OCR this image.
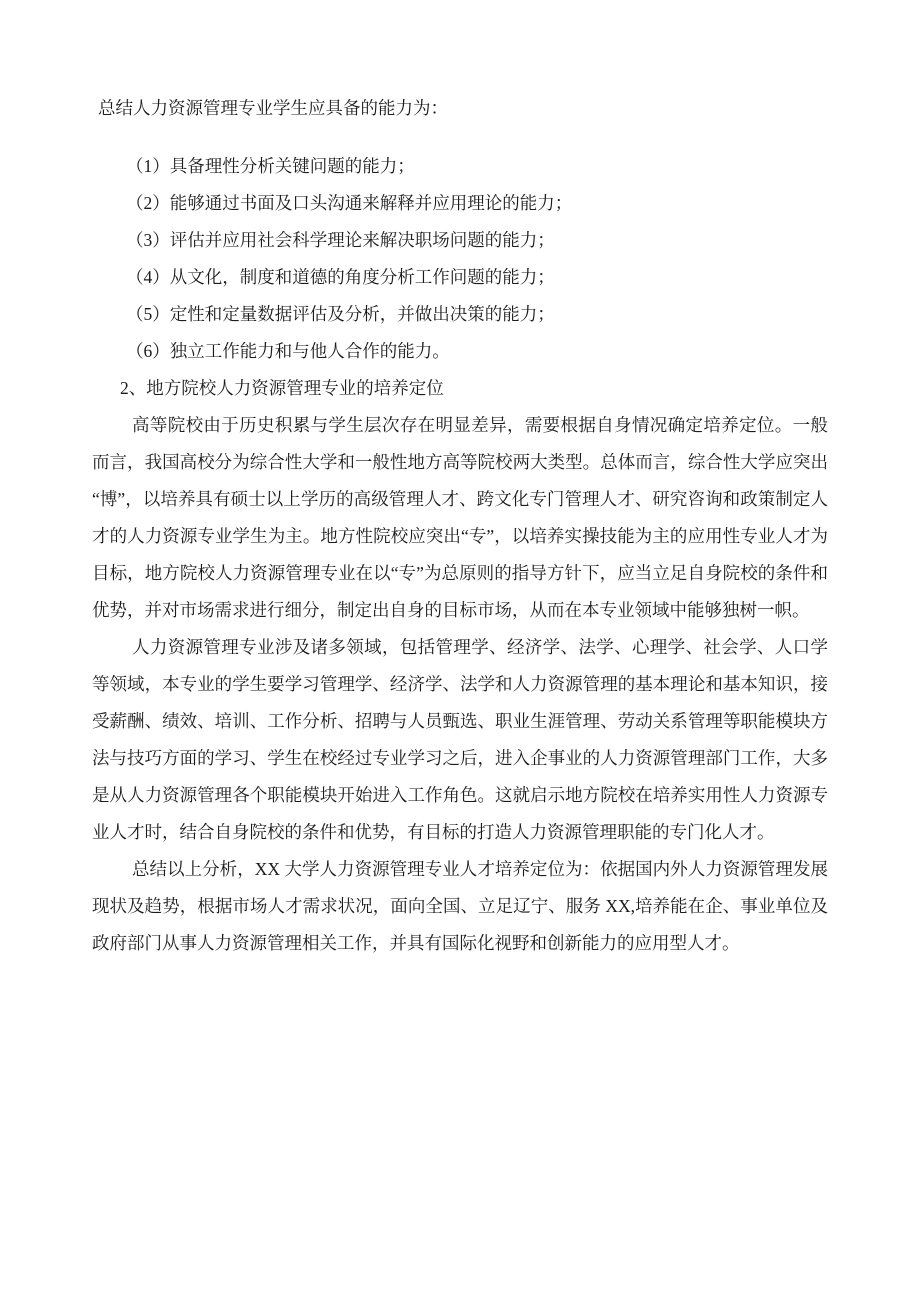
总结人力资源管理专业学生应具备的能力为：

（1）具备理性分析关键问题的能力；

（2）能够通过书面及口头沟通来解释并应用理论的能力；

（3）评估并应用社会科学理论来解决职场问题的能力；

（4）从文化，制度和道德的角度分析工作问题的能力；

（5）定性和定量数据评估及分析，并做出决策的能力；

（6）独立工作能力和与他人合作的能力。

2、地方院校人力资源管理专业的培养定位

高等院校由于历史积累与学生层次存在明显差异，需要根据自身情况确定培养定位。一般而言，我国高校分为综合性大学和一般性地方高等院校两大类型。总体而言，综合性大学应突出“博”，以培养具有硕士以上学历的高级管理人才、跨文化专门管理人才、研究咨询和政策制定人才的人力资源专业学生为主。地方性院校应突出“专”，以培养实操技能为主的应用性专业人才为目标，地方院校人力资源管理专业在以“专”为总原则的指导方针下，应当立足自身院校的条件和优势，并对市场需求进行细分，制定出自身的目标市场，从而在本专业领域中能够独树一帜。

人力资源管理专业涉及诸多领域，包括管理学、经济学、法学、心理学、社会学、人口学等领域，本专业的学生要学习管理学、经济学、法学和人力资源管理的基本理论和基本知识，接受薪酬、绩效、培训、工作分析、招聘与人员甄选、职业生涯管理、劳动关系管理等职能模块方法与技巧方面的学习、学生在校经过专业学习之后，进入企事业的人力资源管理部门工作，大多是从人力资源管理各个职能模块开始进入工作角色。这就启示地方院校在培养实用性人力资源专业人才时，结合自身院校的条件和优势，有目标的打造人力资源管理职能的专门化人才。

总结以上分析，XX 大学人力资源管理专业人才培养定位为：依据国内外人力资源管理发展现状及趋势，根据市场人才需求状况，面向全国、立足辽宁、服务 XX,培养能在企、事业单位及政府部门从事人力资源管理相关工作，并具有国际化视野和创新能力的应用型人才。
